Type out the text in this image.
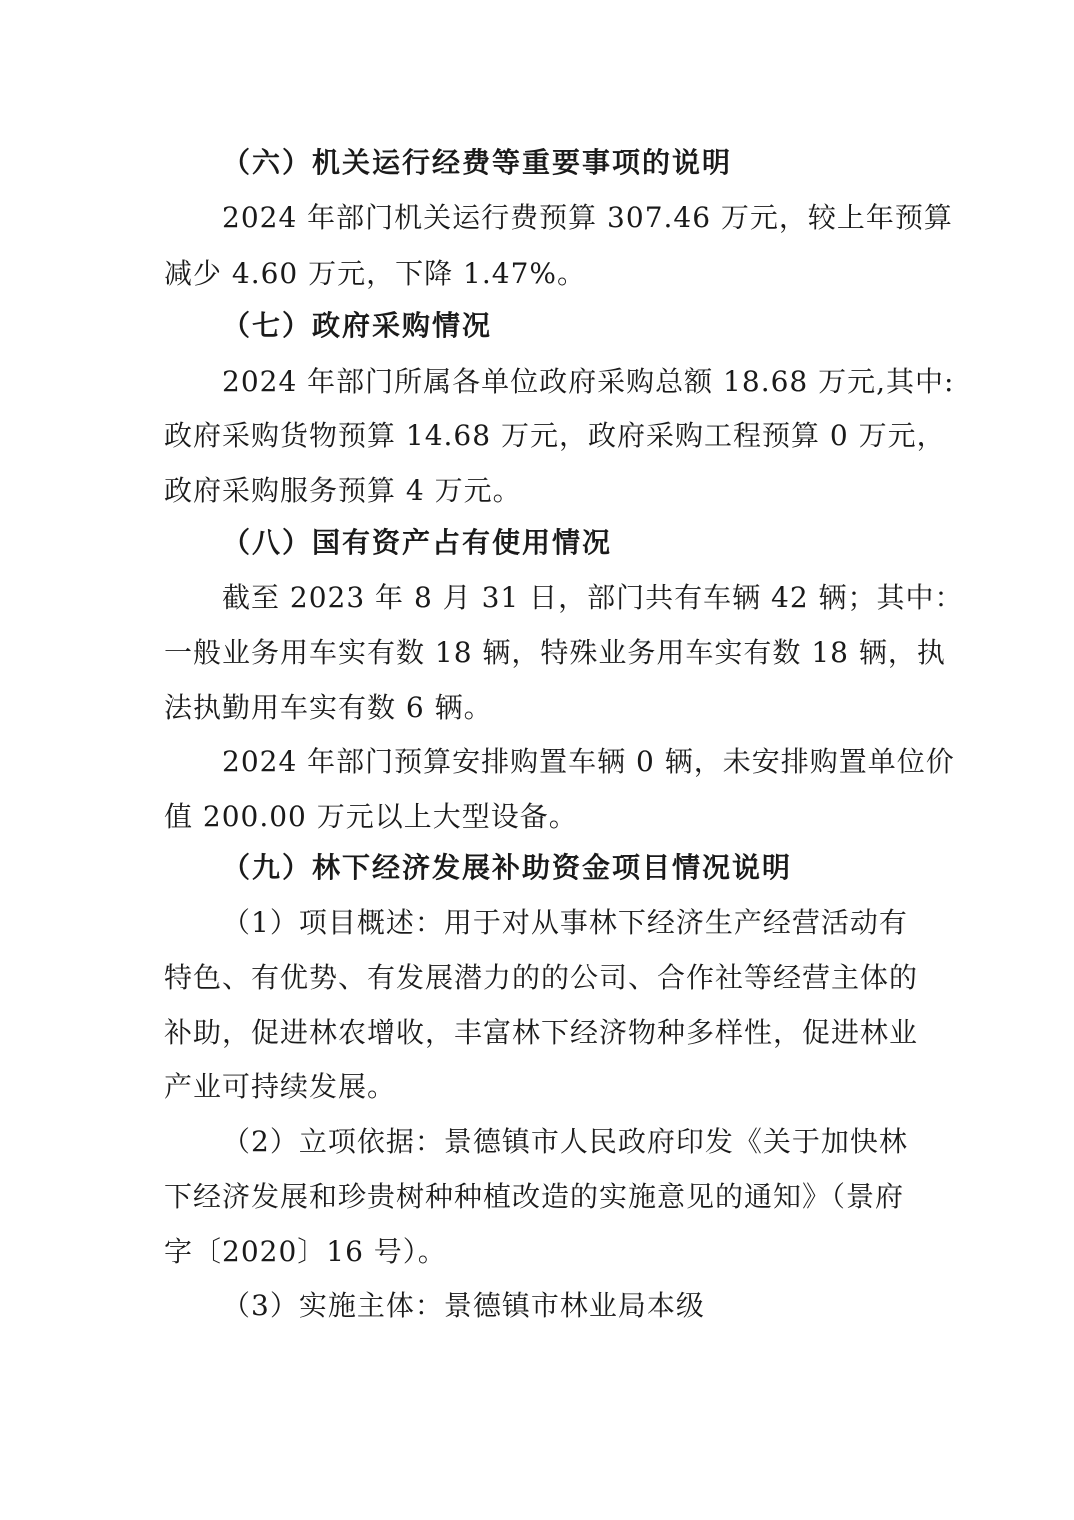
（六）机关运行经费等重要事项的说明
2024 年部门机关运行费预算 307.46 万元，较上年预算
减少 4.60 万元，下降 1.47%。
（七）政府采购情况
2024 年部门所属各单位政府采购总额 18.68 万元,其中:
政府采购货物预算 14.68 万元，政府采购工程预算 0 万元，
政府采购服务预算 4 万元。
（八）国有资产占有使用情况
截至 2023 年 8 月 31 日，部门共有车辆 42 辆；其中：
一般业务用车实有数 18 辆，特殊业务用车实有数 18 辆，执
法执勤用车实有数 6 辆。
2024 年部门预算安排购置车辆 0 辆，未安排购置单位价
值 200.00 万元以上大型设备。
（九）林下经济发展补助资金项目情况说明
（1）项目概述：用于对从事林下经济生产经营活动有
特色、有优势、有发展潜力的的公司、合作社等经营主体的
补助，促进林农增收，丰富林下经济物种多样性，促进林业
产业可持续发展。
（2）立项依据：景德镇市人民政府印发《关于加快林
下经济发展和珍贵树种种植改造的实施意见的通知》（景府
字〔2020〕16 号）。
（3）实施主体：景德镇市林业局本级
